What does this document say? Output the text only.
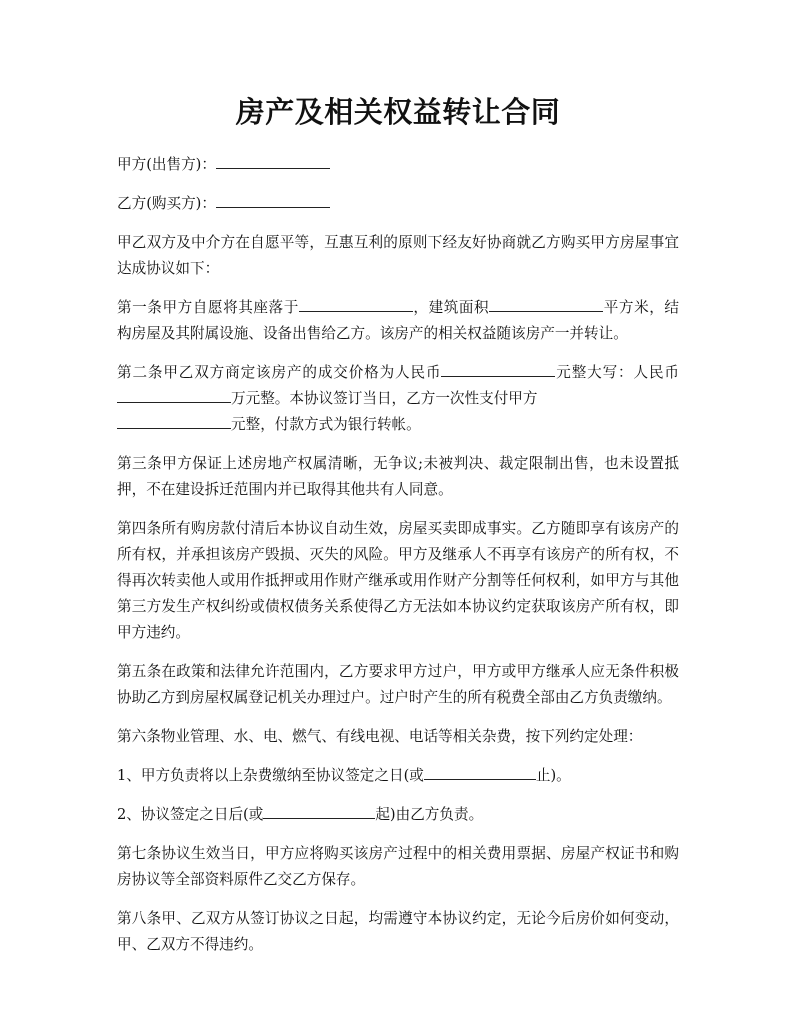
房产及相关权益转让合同

甲方(出售方)：

乙方(购买方)：

甲乙双方及中介方在自愿平等，互惠互利的原则下经友好协商就乙方购买甲方房屋事宜达成协议如下：

第一条甲方自愿将其座落于	，建筑面积	平方米，结构房屋及其附属设施、设备出售给乙方。该房产的相关权益随该房产一并转让。

第二条甲乙双方商定该房产的成交价格为人民币	元整大写：人民币万元整。本协议签订当日，乙方一次性支付甲方
元整，付款方式为银行转帐。

第三条甲方保证上述房地产权属清晰，无争议;未被判决、裁定限制出售，也未设置抵押，不在建设拆迁范围内并已取得其他共有人同意。

第四条所有购房款付清后本协议自动生效，房屋买卖即成事实。乙方随即享有该房产的所有权，并承担该房产毁损、灭失的风险。甲方及继承人不再享有该房产的所有权，不得再次转卖他人或用作抵押或用作财产继承或用作财产分割等任何权利，如甲方与其他第三方发生产权纠纷或债权债务关系使得乙方无法如本协议约定获取该房产所有权，即甲方违约。

第五条在政策和法律允许范围内，乙方要求甲方过户，甲方或甲方继承人应无条件积极协助乙方到房屋权属登记机关办理过户。过户时产生的所有税费全部由乙方负责缴纳。

第六条物业管理、水、电、燃气、有线电视、电话等相关杂费，按下列约定处理：

1、甲方负责将以上杂费缴纳至协议签定之日(或	止)。

2、协议签定之日后(或	起)由乙方负责。

第七条协议生效当日，甲方应将购买该房产过程中的相关费用票据、房屋产权证书和购房协议等全部资料原件乙交乙方保存。

第八条甲、乙双方从签订协议之日起，均需遵守本协议约定，无论今后房价如何变动，甲、乙双方不得违约。
